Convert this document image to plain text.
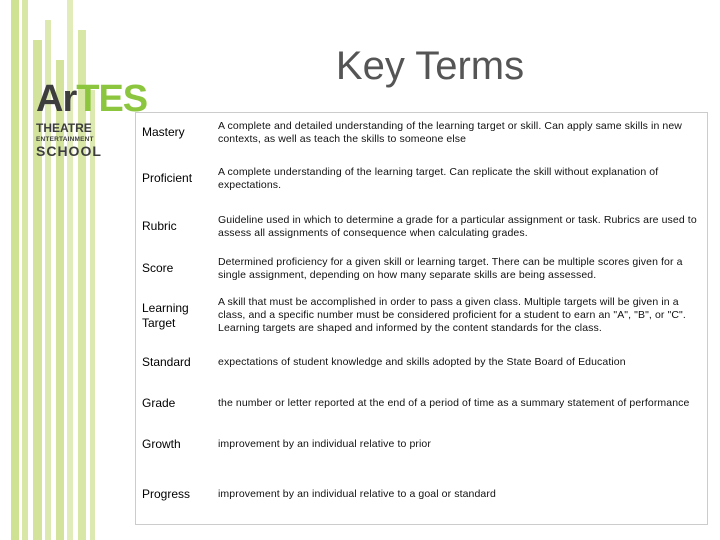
ArTES
THEATRE
ENTERTAINMENT
SCHOOL
Key Terms
Mastery	A complete and detailed understanding of the learning target or skill. Can apply same skills in new contexts, as well as teach the skills to someone else
Proficient	A complete understanding of the learning target. Can replicate the skill without explanation of expectations.
Rubric	Guideline used in which to determine a grade for a particular assignment or task. Rubrics are used to assess all assignments of consequence when calculating grades.
Score	Determined proficiency for a given skill or learning target. There can be multiple scores given for a single assignment, depending on how many separate skills are being assessed.
Learning Target	A skill that must be accomplished in order to pass a given class. Multiple targets will be given in a class, and a specific number must be considered proficient for a student to earn an "A", "B", or "C". Learning targets are shaped and informed by the content standards for the class.
Standard	expectations of student knowledge and skills adopted by the State Board of Education
Grade	the number or letter reported at the end of a period of time as a summary statement of performance
Growth	improvement by an individual relative to prior
Progress	improvement by an individual relative to a goal or standard
